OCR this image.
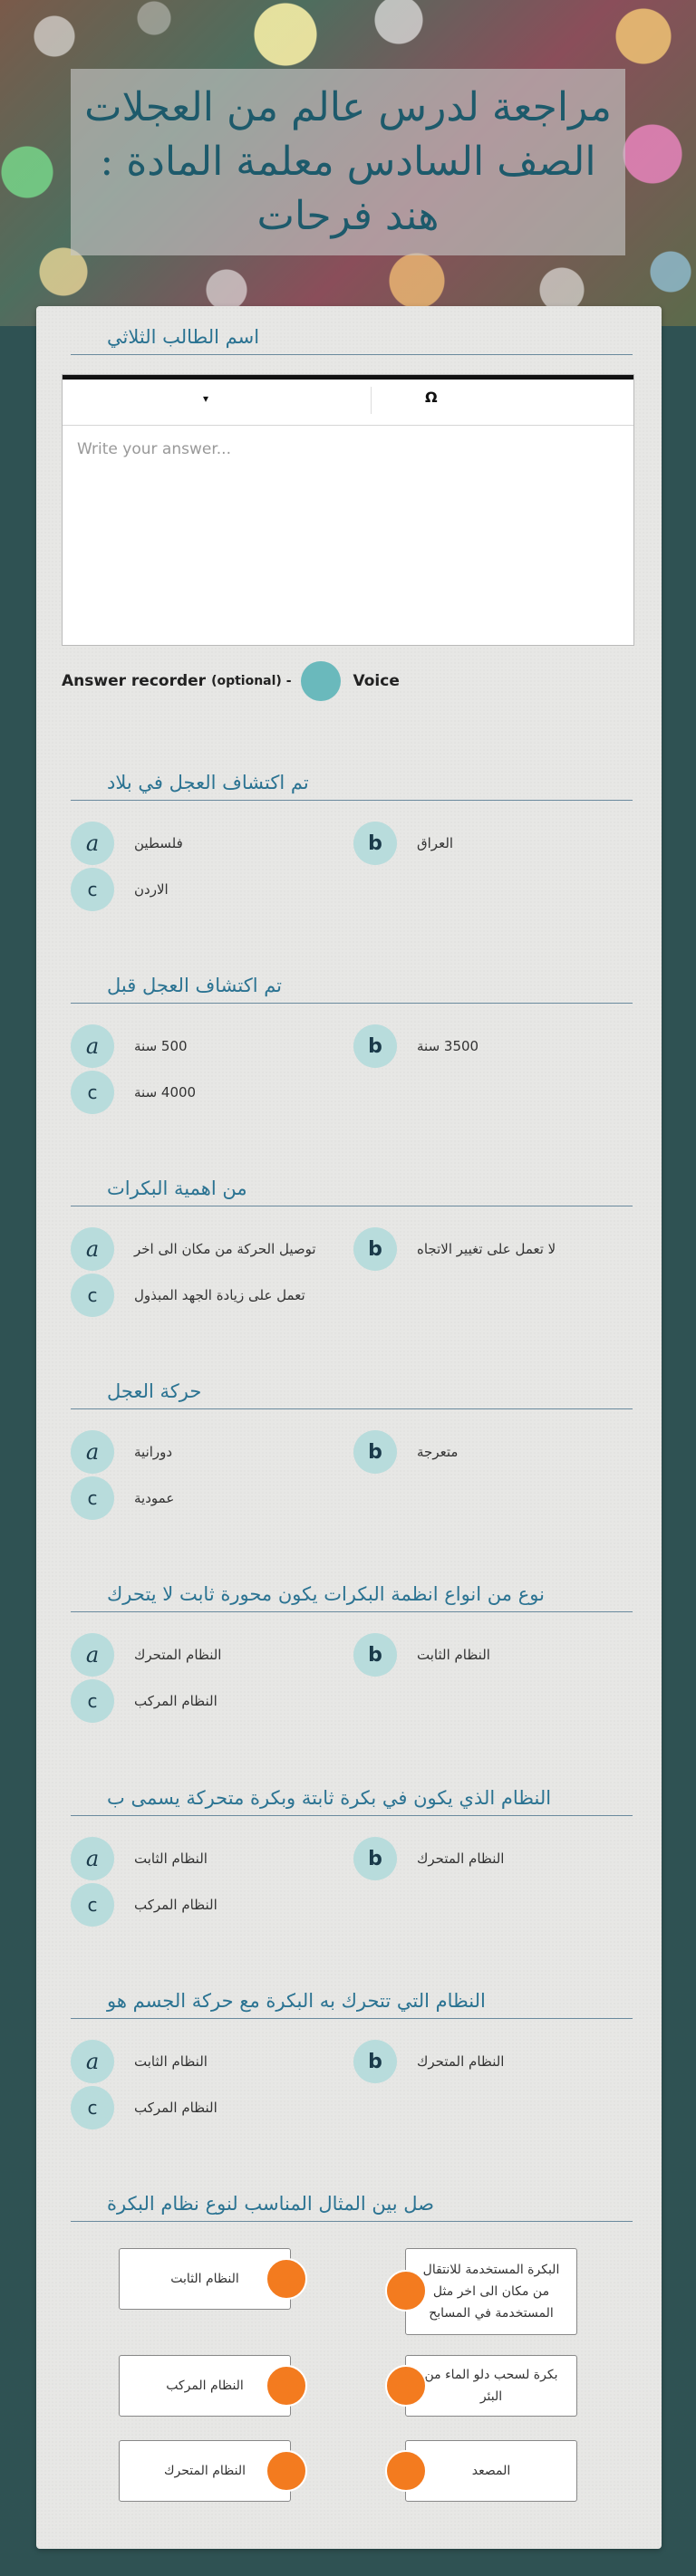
مراجعة لدرس عالم من العجلات الصف السادس معلمة المادة : هند فرحات

اسم الطالب الثلاثي
▾	Ω
Write your answer...
Answer recorder (optional) -	Voice
تم اكتشاف العجل في بلاد
a	فلسطين	b	العراق
c	الاردن
تم اكتشاف العجل قبل
a	500 سنة	b	3500 سنة
c	4000 سنة
من اهمية البكرات
a	توصيل الحركة من مكان الى اخر	b	لا تعمل على تغيير الاتجاه
c	تعمل على زيادة الجهد المبذول
حركة العجل
a	دورانية	b	متعرجة
c	عمودية
نوع من انواع انظمة البكرات يكون محورة ثابت لا يتحرك
a	النظام المتحرك	b	النظام الثابت
c	النظام المركب
النظام الذي يكون في بكرة ثابتة وبكرة متحركة يسمى ب
a	النظام الثابت	b	النظام المتحرك
c	النظام المركب
النظام التي تتحرك به البكرة مع حركة الجسم هو
a	النظام الثابت	b	النظام المتحرك
c	النظام المركب
صل بين المثال المناسب لنوع نظام البكرة
النظام الثابت
البكرة المستخدمة للانتقال من مكان الى اخر مثل المستخدمة في المسابح
النظام المركب
بكرة لسحب دلو الماء من البئر
النظام المتحرك	المصعد
